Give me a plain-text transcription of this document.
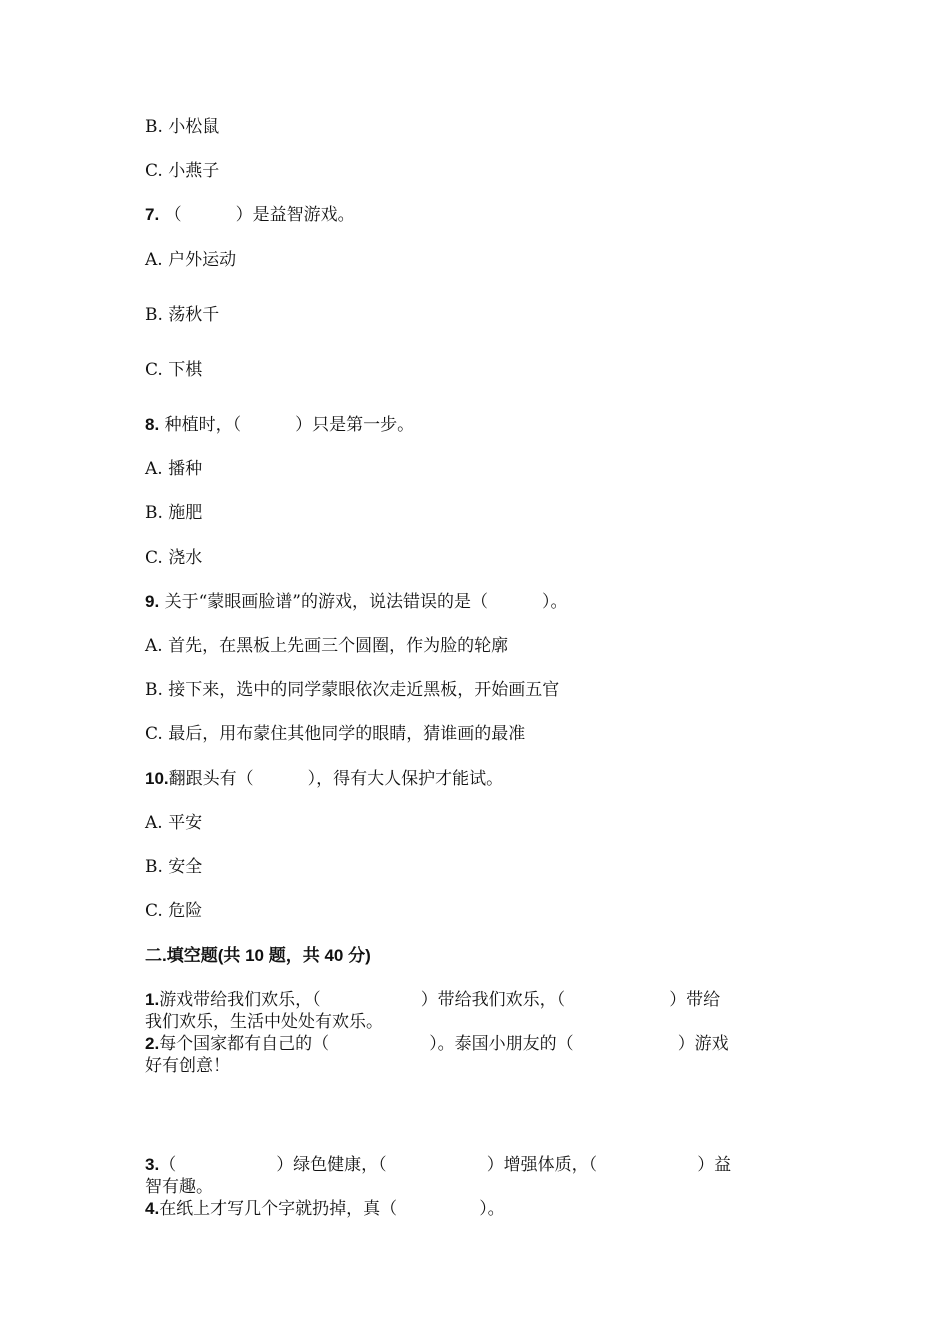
B. 小松鼠
C. 小燕子
7. （	）是益智游戏。
A. 户外运动
B. 荡秋千
C. 下棋
8. 种植时，（	）只是第一步。
A. 播种
B. 施肥
C. 浇水
9. 关于“蒙眼画脸谱”的游戏，说法错误的是（	）。
A. 首先，在黑板上先画三个圆圈，作为脸的轮廓
B. 接下来，选中的同学蒙眼依次走近黑板，开始画五官
C. 最后，用布蒙住其他同学的眼睛，猜谁画的最准
10.翻跟头有（	），得有大人保护才能试。
A. 平安
B. 安全
C. 危险
二.填空题(共 10 题，共 40 分)
1.游戏带给我们欢乐，（	）带给我们欢乐，（	）带给
我们欢乐，生活中处处有欢乐。
2.每个国家都有自己的（	）。泰国小朋友的（	）游戏
好有创意！
3.（	）绿色健康，（	）增强体质，（	）益
智有趣。
4.在纸上才写几个字就扔掉，真（	）。
